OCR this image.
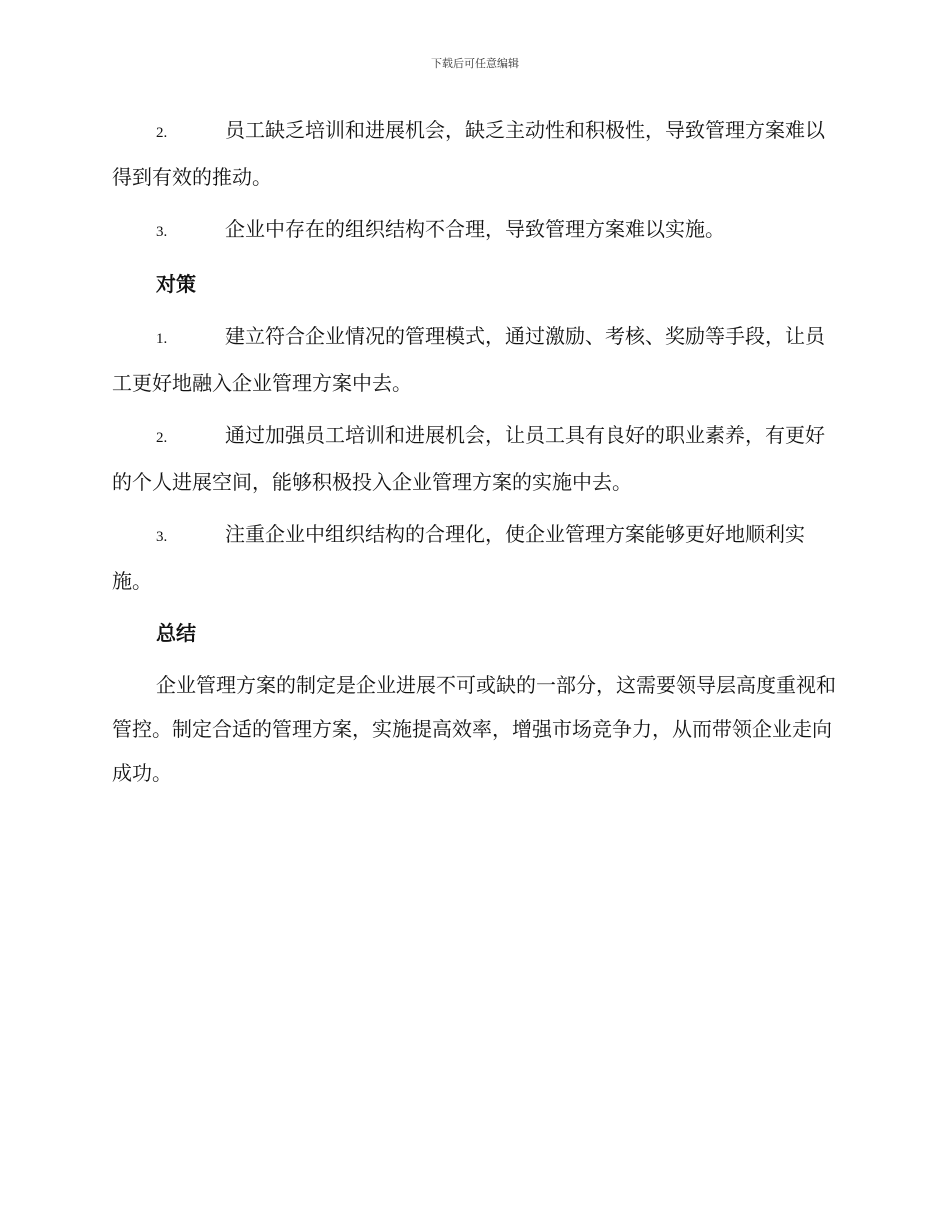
下载后可任意编辑

2.	员工缺乏培训和进展机会，缺乏主动性和积极性，导致管理方案难以得到有效的推动。

3.	企业中存在的组织结构不合理，导致管理方案难以实施。

对策

1.	建立符合企业情况的管理模式，通过激励、考核、奖励等手段，让员工更好地融入企业管理方案中去。

2.	通过加强员工培训和进展机会，让员工具有良好的职业素养，有更好的个人进展空间，能够积极投入企业管理方案的实施中去。

3.	注重企业中组织结构的合理化，使企业管理方案能够更好地顺利实施。

总结

企业管理方案的制定是企业进展不可或缺的一部分，这需要领导层高度重视和管控。制定合适的管理方案，实施提高效率，增强市场竞争力，从而带领企业走向成功。
